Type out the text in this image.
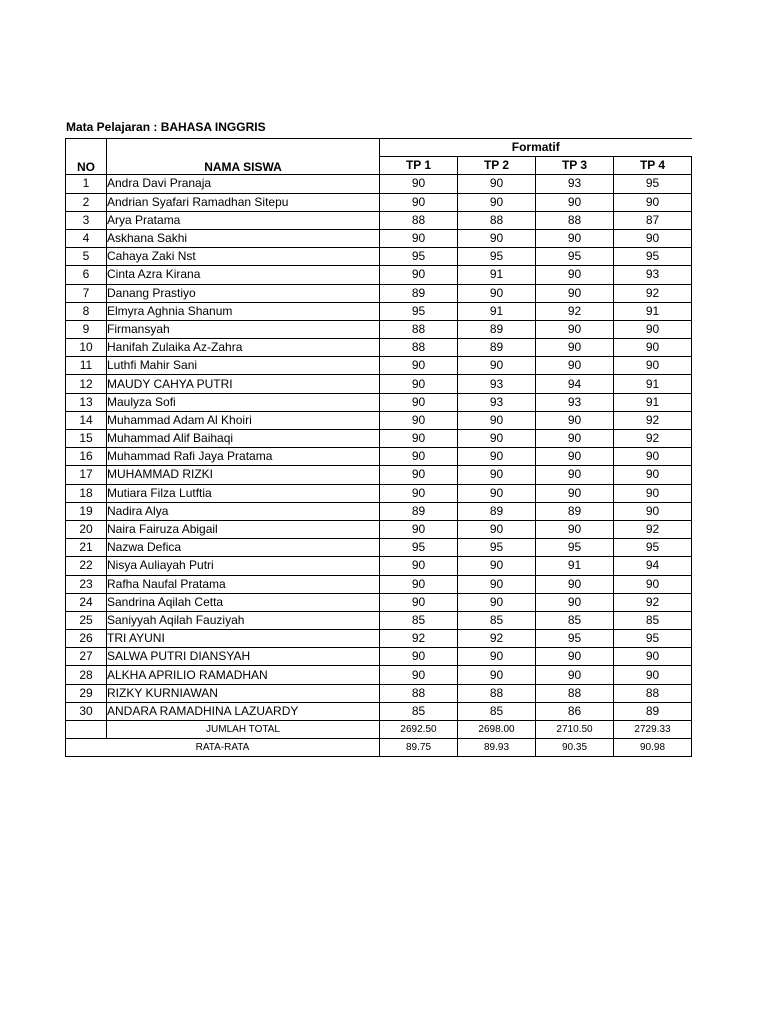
Mata Pelajaran : BAHASA INGGRIS
NO	NAMA SISWA	Formatif			
		TP 1	TP 2	TP 3	TP 4
1	Andra Davi Pranaja	90	90	93	95
2	Andrian Syafari Ramadhan Sitepu	90	90	90	90
3	Arya Pratama	88	88	88	87
4	Askhana Sakhi	90	90	90	90
5	Cahaya Zaki Nst	95	95	95	95
6	Cinta Azra Kirana	90	91	90	93
7	Danang Prastiyo	89	90	90	92
8	Elmyra Aghnia Shanum	95	91	92	91
9	Firmansyah	88	89	90	90
10	Hanifah Zulaika Az-Zahra	88	89	90	90
11	Luthfi Mahir Sani	90	90	90	90
12	MAUDY CAHYA PUTRI	90	93	94	91
13	Maulyza Sofi	90	93	93	91
14	Muhammad Adam Al Khoiri	90	90	90	92
15	Muhammad Alif Baihaqi	90	90	90	92
16	Muhammad Rafi Jaya Pratama	90	90	90	90
17	MUHAMMAD RIZKI	90	90	90	90
18	Mutiara Filza Lutftia	90	90	90	90
19	Nadira Alya	89	89	89	90
20	Naira Fairuza Abigail	90	90	90	92
21	Nazwa Defica	95	95	95	95
22	Nisya Auliayah Putri	90	90	91	94
23	Rafha Naufal Pratama	90	90	90	90
24	Sandrina Aqilah Cetta	90	90	90	92
25	Saniyyah Aqilah Fauziyah	85	85	85	85
26	TRI AYUNI	92	92	95	95
27	SALWA PUTRI DIANSYAH	90	90	90	90
28	ALKHA APRILIO RAMADHAN	90	90	90	90
29	RIZKY KURNIAWAN	88	88	88	88
30	ANDARA RAMADHINA LAZUARDY	85	85	86	89
	JUMLAH TOTAL	2692.50	2698.00	2710.50	2729.33
RATA-RATA		89.75	89.93	90.35	90.98
